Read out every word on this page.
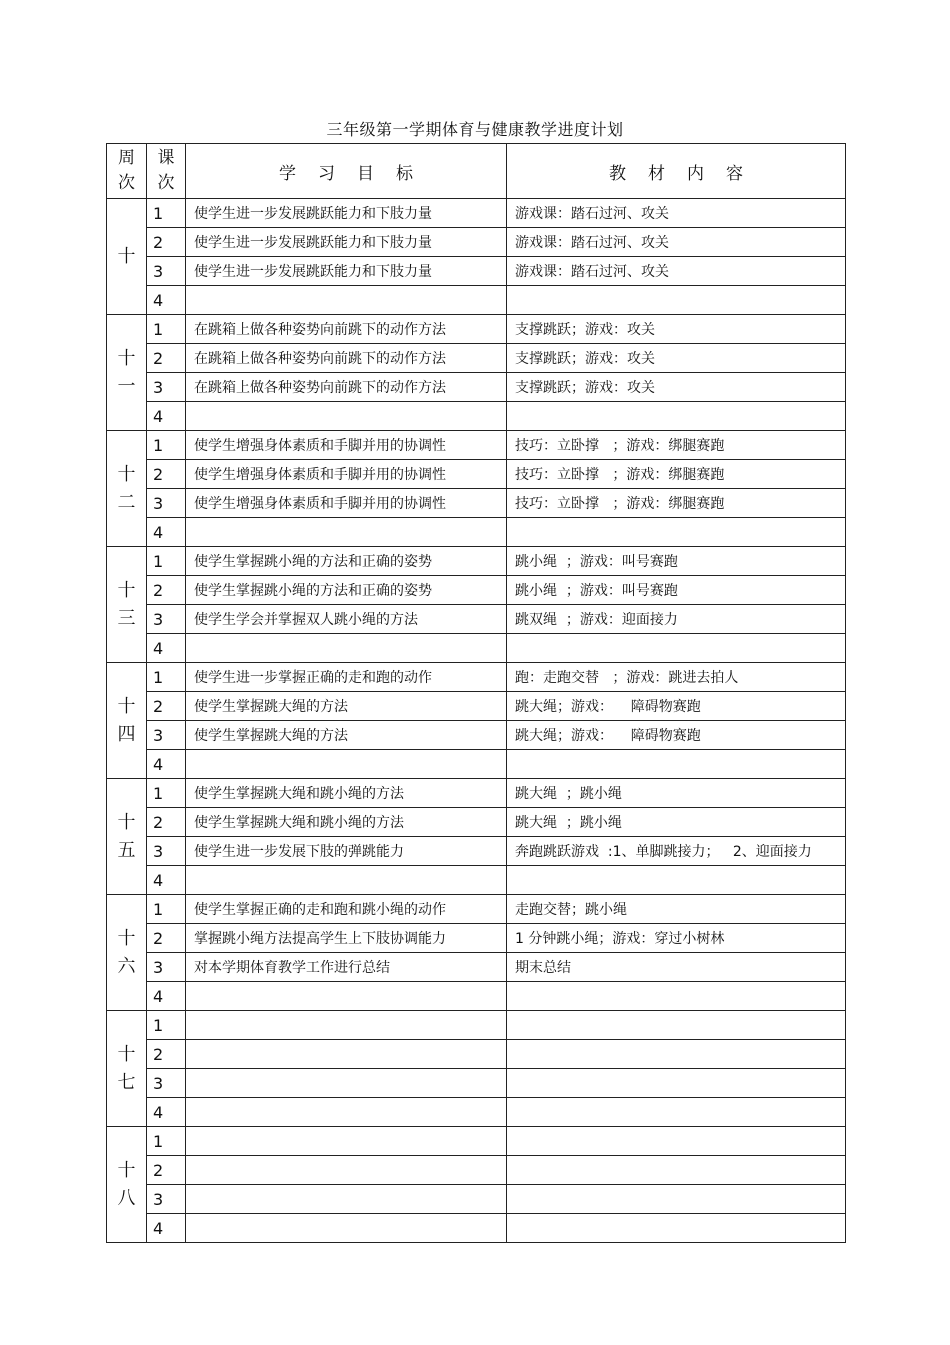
三年级第一学期体育与健康教学进度计划
周次	课次	学习目标	教材内容
十	1	使学生进一步发展跳跃能力和下肢力量	游戏课：踏石过河、攻关
	2	使学生进一步发展跳跃能力和下肢力量	游戏课：踏石过河、攻关
	3	使学生进一步发展跳跃能力和下肢力量	游戏课：踏石过河、攻关
	4		
十一	1	在跳箱上做各种姿势向前跳下的动作方法	支撑跳跃；游戏：攻关
	2	在跳箱上做各种姿势向前跳下的动作方法	支撑跳跃；游戏：攻关
	3	在跳箱上做各种姿势向前跳下的动作方法	支撑跳跃；游戏：攻关
	4		
十二	1	使学生增强身体素质和手脚并用的协调性	技巧：立卧撑   ；游戏：绑腿赛跑
	2	使学生增强身体素质和手脚并用的协调性	技巧：立卧撑   ；游戏：绑腿赛跑
	3	使学生增强身体素质和手脚并用的协调性	技巧：立卧撑   ；游戏：绑腿赛跑
	4		
十三	1	使学生掌握跳小绳的方法和正确的姿势	跳小绳  ；游戏：叫号赛跑
	2	使学生掌握跳小绳的方法和正确的姿势	跳小绳  ；游戏：叫号赛跑
	3	使学生学会并掌握双人跳小绳的方法	跳双绳  ；游戏：迎面接力
	4		
十四	1	使学生进一步掌握正确的走和跑的动作	跑：走跑交替   ；游戏：跳进去拍人
	2	使学生掌握跳大绳的方法	跳大绳；游戏：    障碍物赛跑
	3	使学生掌握跳大绳的方法	跳大绳；游戏：    障碍物赛跑
	4		
十五	1	使学生掌握跳大绳和跳小绳的方法	跳大绳  ；跳小绳
	2	使学生掌握跳大绳和跳小绳的方法	跳大绳  ；跳小绳
	3	使学生进一步发展下肢的弹跳能力	奔跑跳跃游戏  :1、单脚跳接力；   2、迎面接力
	4		
十六	1	使学生掌握正确的走和跑和跳小绳的动作	走跑交替；跳小绳
	2	掌握跳小绳方法提高学生上下肢协调能力	1 分钟跳小绳；游戏：穿过小树林
	3	对本学期体育教学工作进行总结	期末总结
	4		
十七	1		
	2		
	3		
	4		
十八	1		
	2		
	3		
	4		
